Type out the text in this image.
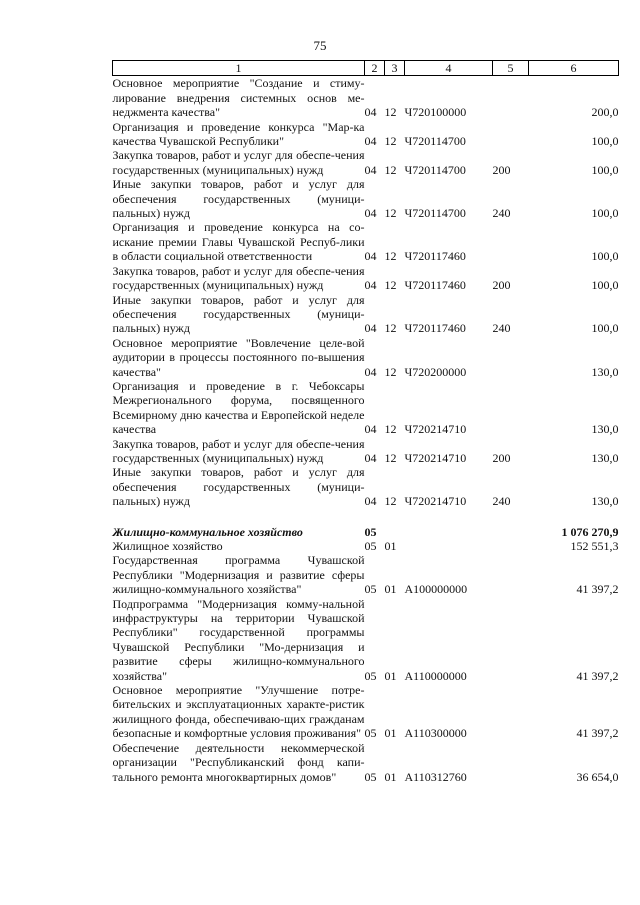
75
1	2	3	4	5	6
Основное мероприятие "Создание и стиму-лирование внедрения системных основ ме-неджмента качества"	04	12	Ч720100000		200,0
Организация и проведение конкурса "Мар-ка качества Чувашской Республики"	04	12	Ч720114700		100,0
Закупка товаров, работ и услуг для обеспе-чения государственных (муниципальных) нужд	04	12	Ч720114700	200	100,0
Иные закупки товаров, работ и услуг для обеспечения государственных (муници-пальных) нужд	04	12	Ч720114700	240	100,0
Организация и проведение конкурса на со-искание премии Главы Чувашской Респуб-лики в области социальной ответственности	04	12	Ч720117460		100,0
Закупка товаров, работ и услуг для обеспе-чения государственных (муниципальных) нужд	04	12	Ч720117460	200	100,0
Иные закупки товаров, работ и услуг для обеспечения государственных (муници-пальных) нужд	04	12	Ч720117460	240	100,0
Основное мероприятие "Вовлечение целе-вой аудитории в процессы постоянного по-вышения качества"	04	12	Ч720200000		130,0
Организация и проведение в г. Чебоксары Межрегионального форума, посвященного Всемирному дню качества и Европейской неделе качества	04	12	Ч720214710		130,0
Закупка товаров, работ и услуг для обеспе-чения государственных (муниципальных) нужд	04	12	Ч720214710	200	130,0
Иные закупки товаров, работ и услуг для обеспечения государственных (муници-пальных) нужд	04	12	Ч720214710	240	130,0

Жилищно-коммунальное хозяйство	05				1 076 270,9
Жилищное хозяйство	05	01			152 551,3
Государственная программа Чувашской Республики "Модернизация и развитие сферы жилищно-коммунального хозяйства"	05	01	А100000000		41 397,2
Подпрограмма "Модернизация комму-нальной инфраструктуры на территории Чувашской Республики" государственной программы Чувашской Республики "Мо-дернизация и развитие сферы жилищно-коммунального хозяйства"	05	01	А110000000		41 397,2
Основное мероприятие "Улучшение потре-бительских и эксплуатационных характе-ристик жилищного фонда, обеспечиваю-щих гражданам безопасные и комфортные условия проживания"	05	01	А110300000		41 397,2
Обеспечение деятельности некоммерческой организации "Республиканский фонд капи-тального ремонта многоквартирных домов"	05	01	А110312760		36 654,0
